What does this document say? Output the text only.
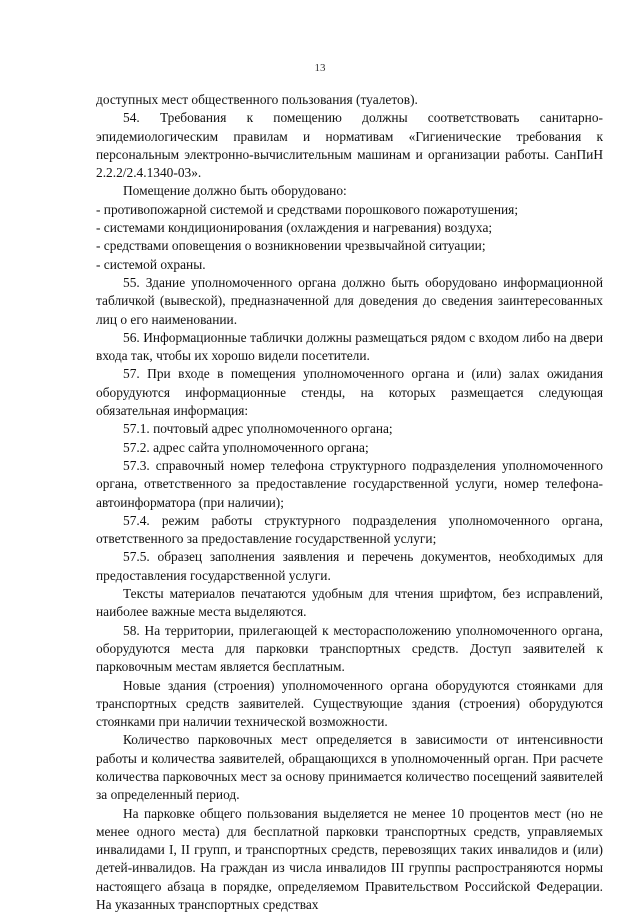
13

доступных мест общественного пользования (туалетов).

54. Требования к помещению должны соответствовать санитарно-эпидемиологическим правилам и нормативам «Гигиенические требования к персональным электронно-вычислительным машинам и организации работы. СанПиН 2.2.2/2.4.1340-03».

Помещение должно быть оборудовано:

- противопожарной системой и средствами порошкового пожаротушения;

- системами кондиционирования (охлаждения и нагревания) воздуха;

- средствами оповещения о возникновении чрезвычайной ситуации;

- системой охраны.

55. Здание уполномоченного органа должно быть оборудовано информационной табличкой (вывеской), предназначенной для доведения до сведения заинтересованных лиц о его наименовании.

56. Информационные таблички должны размещаться рядом с входом либо на двери входа так, чтобы их хорошо видели посетители.

57. При входе в помещения уполномоченного органа и (или) залах ожидания оборудуются информационные стенды, на которых размещается следующая обязательная информация:

57.1. почтовый адрес уполномоченного органа;

57.2. адрес сайта уполномоченного органа;

57.3. справочный номер телефона структурного подразделения уполномоченного органа, ответственного за предоставление государственной услуги, номер телефона-автоинформатора (при наличии);

57.4. режим работы структурного подразделения уполномоченного органа, ответственного за предоставление государственной услуги;

57.5. образец заполнения заявления и перечень документов, необходимых для предоставления государственной услуги.

Тексты материалов печатаются удобным для чтения шрифтом, без исправлений, наиболее важные места выделяются.

58. На территории, прилегающей к месторасположению уполномоченного органа, оборудуются места для парковки транспортных средств. Доступ заявителей к парковочным местам является бесплатным.

Новые здания (строения) уполномоченного органа оборудуются стоянками для транспортных средств заявителей. Существующие здания (строения) оборудуются стоянками при наличии технической возможности.

Количество парковочных мест определяется в зависимости от интенсивности работы и количества заявителей, обращающихся в уполномоченный орган. При расчете количества парковочных мест за основу принимается количество посещений заявителей за определенный период.

На парковке общего пользования выделяется не менее 10 процентов мест (но не менее одного места) для бесплатной парковки транспортных средств, управляемых инвалидами I, II групп, и транспортных средств, перевозящих таких инвалидов и (или) детей-инвалидов. На граждан из числа инвалидов III группы распространяются нормы настоящего абзаца в порядке, определяемом Правительством Российской Федерации. На указанных транспортных средствах
